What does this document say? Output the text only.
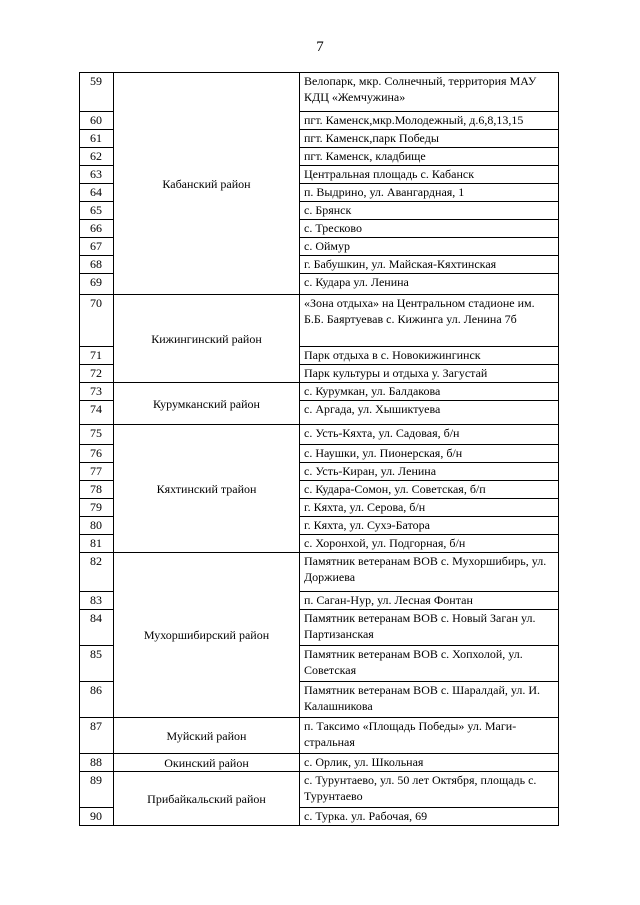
7
59	Кабанский район	Велопарк, мкр. Солнечный, территория МАУ КДЦ «Жемчужина»
60		пгт. Каменск,мкр.Молодежный, д.6,8,13,15
61		пгт. Каменск,парк Победы
62		пгт. Каменск, кладбище
63		Центральная площадь с. Кабанск
64		п. Выдрино, ул. Авангардная, 1
65		с. Брянск
66		с. Тресково
67		с. Оймур
68		г. Бабушкин, ул. Майская-Кяхтинская
69		с. Кудара ул. Ленина
70	Кижингинский район	«Зона отдыха» на Центральном стадионе им. Б.Б. Баяртуевав с. Кижинга ул. Ленина 7б
71		Парк отдыха в с. Новокижингинск
72		Парк культуры и отдыха у. Загустай
73	Курумканский район	с. Курумкан, ул. Балдакова
74		с. Аргада, ул. Хышиктуева
75	Кяхтинский трайон	с. Усть-Кяхта, ул. Садовая, б/н
76		с. Наушки, ул. Пионерская, б/н
77		с. Усть-Киран, ул. Ленина
78		с. Кудара-Сомон, ул. Советская, б/п
79		г. Кяхта, ул. Серова, б/н
80		г. Кяхта, ул. Сухэ-Батора
81		с. Хоронхой, ул. Подгорная, б/н
82	Мухоршибирский район	Памятник ветеранам ВОВ с. Мухоршибирь, ул. Доржиева
83		п. Саган-Нур, ул. Лесная Фонтан
84		Памятник ветеранам ВОВ с. Новый Заган ул. Партизанская
85		Памятник ветеранам ВОВ с. Хопхолой, ул. Советская
86		Памятник ветеранам ВОВ с. Шаралдай, ул. И. Калашникова
87	Муйский район	п. Таксимо «Площадь Победы» ул. Маги-стральная
88	Окинский район	с. Орлик, ул. Школьная
89	Прибайкальский район	с. Турунтаево, ул. 50 лет Октября, площадь с. Турунтаево
90		с. Турка. ул. Рабочая, 69
